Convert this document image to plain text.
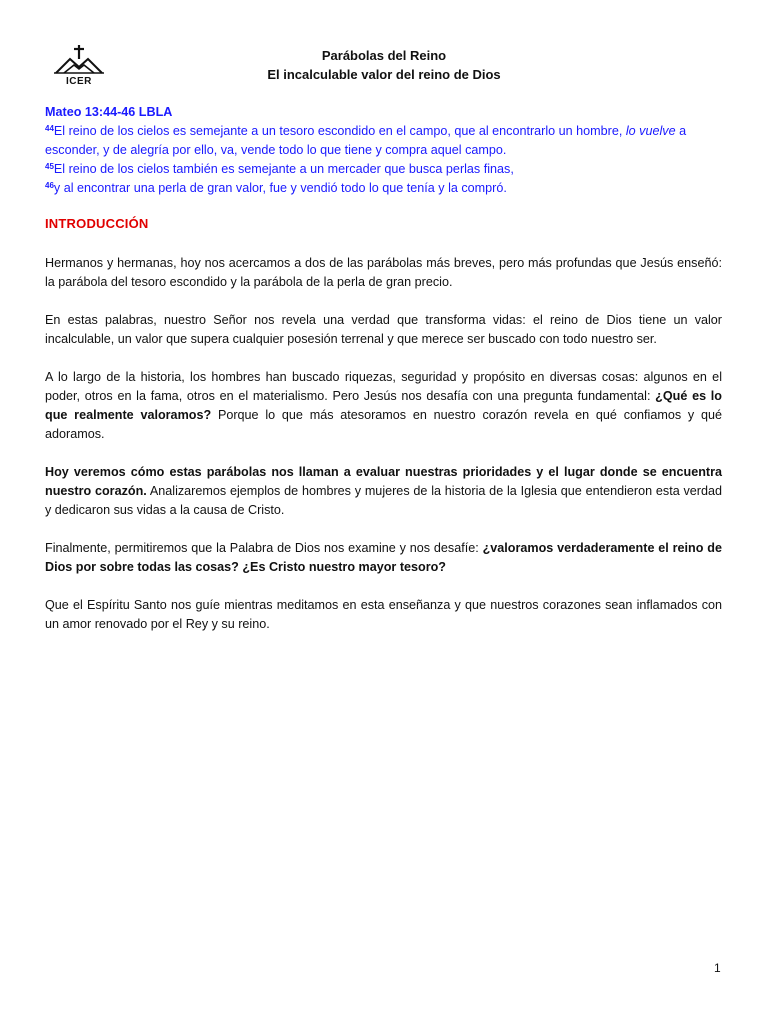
ICER
Parábolas del Reino
El incalculable valor del reino de Dios
Mateo 13:44-46 LBLA
$^{44}$El reino de los cielos es semejante a un tesoro escondido en el campo, que al encontrarlo un hombre, lo vuelve a esconder, y de alegría por ello, va, vende todo lo que tiene y compra aquel campo.
$^{45}$El reino de los cielos también es semejante a un mercader que busca perlas finas,
$^{46}$y al encontrar una perla de gran valor, fue y vendió todo lo que tenía y la compró.
INTRODUCCIÓN

Hermanos y hermanas, hoy nos acercamos a dos de las parábolas más breves, pero más profundas que Jesús enseñó: la parábola del tesoro escondido y la parábola de la perla de gran precio.

En estas palabras, nuestro Señor nos revela una verdad que transforma vidas: el reino de Dios tiene un valor incalculable, un valor que supera cualquier posesión terrenal y que merece ser buscado con todo nuestro ser.

A lo largo de la historia, los hombres han buscado riquezas, seguridad y propósito en diversas cosas: algunos en el poder, otros en la fama, otros en el materialismo. Pero Jesús nos desafía con una pregunta fundamental: ¿Qué es lo que realmente valoramos? Porque lo que más atesoramos en nuestro corazón revela en qué confiamos y qué adoramos.

Hoy veremos cómo estas parábolas nos llaman a evaluar nuestras prioridades y el lugar donde se encuentra nuestro corazón. Analizaremos ejemplos de hombres y mujeres de la historia de la Iglesia que entendieron esta verdad y dedicaron sus vidas a la causa de Cristo.

Finalmente, permitiremos que la Palabra de Dios nos examine y nos desafíe: ¿valoramos verdaderamente el reino de Dios por sobre todas las cosas? ¿Es Cristo nuestro mayor tesoro?

Que el Espíritu Santo nos guíe mientras meditamos en esta enseñanza y que nuestros corazones sean inflamados con un amor renovado por el Rey y su reino.

1
